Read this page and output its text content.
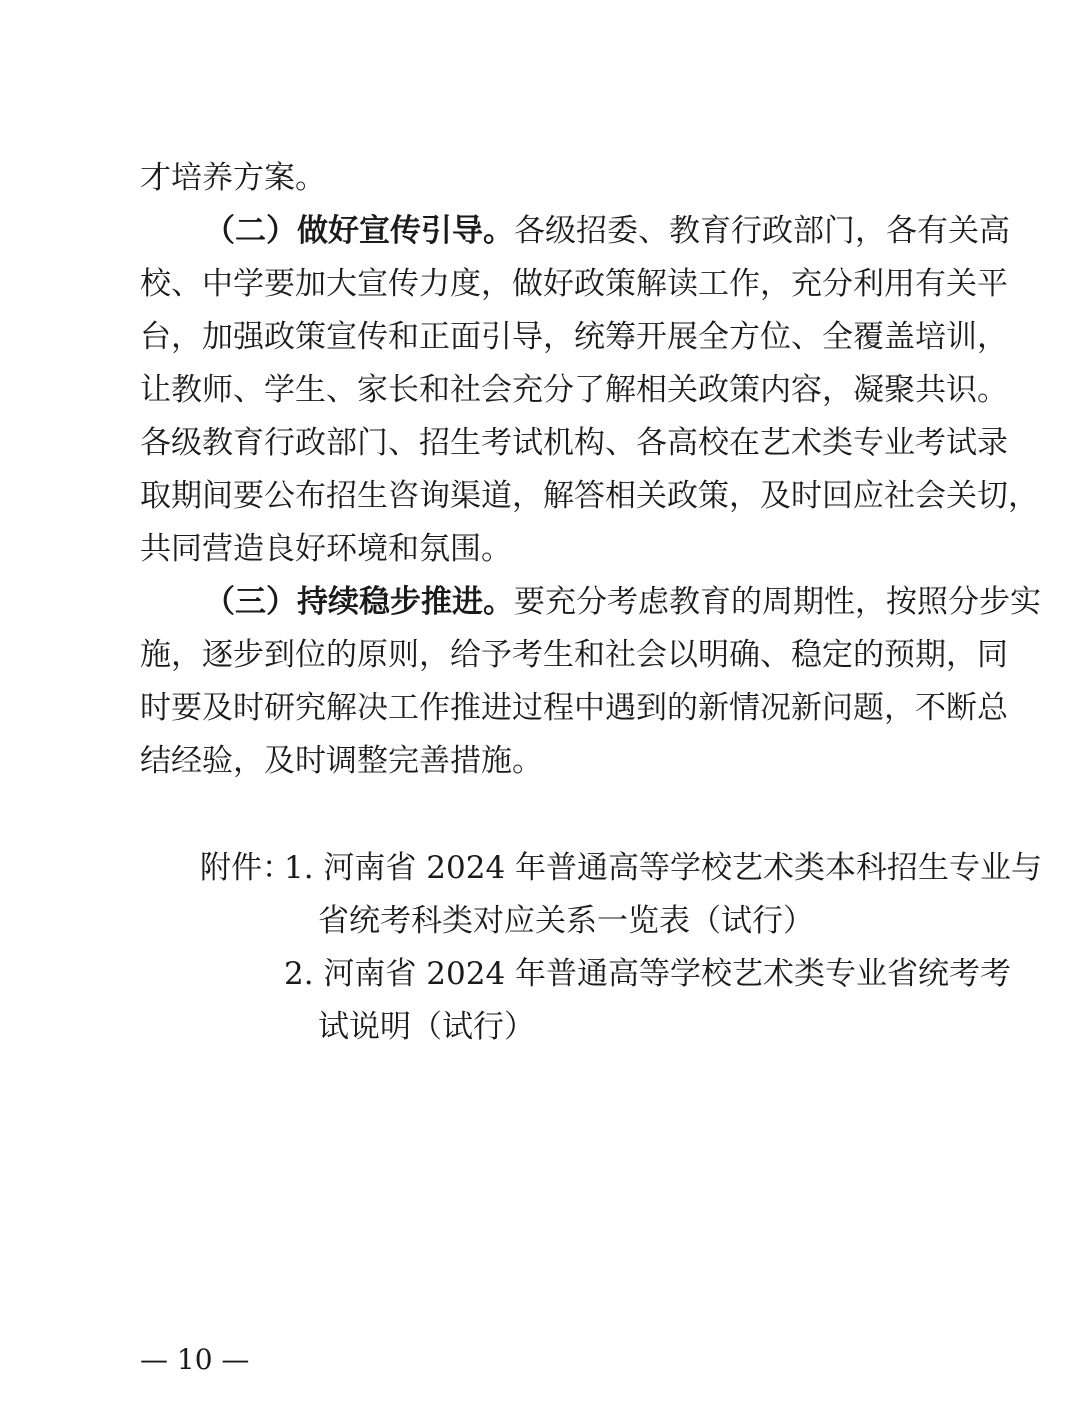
才培养方案。
（二）做好宣传引导。各级招委、教育行政部门，各有关高
校、中学要加大宣传力度，做好政策解读工作，充分利用有关平
台，加强政策宣传和正面引导，统筹开展全方位、全覆盖培训，
让教师、学生、家长和社会充分了解相关政策内容，凝聚共识。
各级教育行政部门、招生考试机构、各高校在艺术类专业考试录
取期间要公布招生咨询渠道，解答相关政策，及时回应社会关切，
共同营造良好环境和氛围。
（三）持续稳步推进。要充分考虑教育的周期性，按照分步实
施，逐步到位的原则，给予考生和社会以明确、稳定的预期，同
时要及时研究解决工作推进过程中遇到的新情况新问题，不断总
结经验，及时调整完善措施。
附件：
1. 河南省 2024 年普通高等学校艺术类本科招生专业与
省统考科类对应关系一览表（试行）
2. 河南省 2024 年普通高等学校艺术类专业省统考考
试说明（试行）
— 10 —
